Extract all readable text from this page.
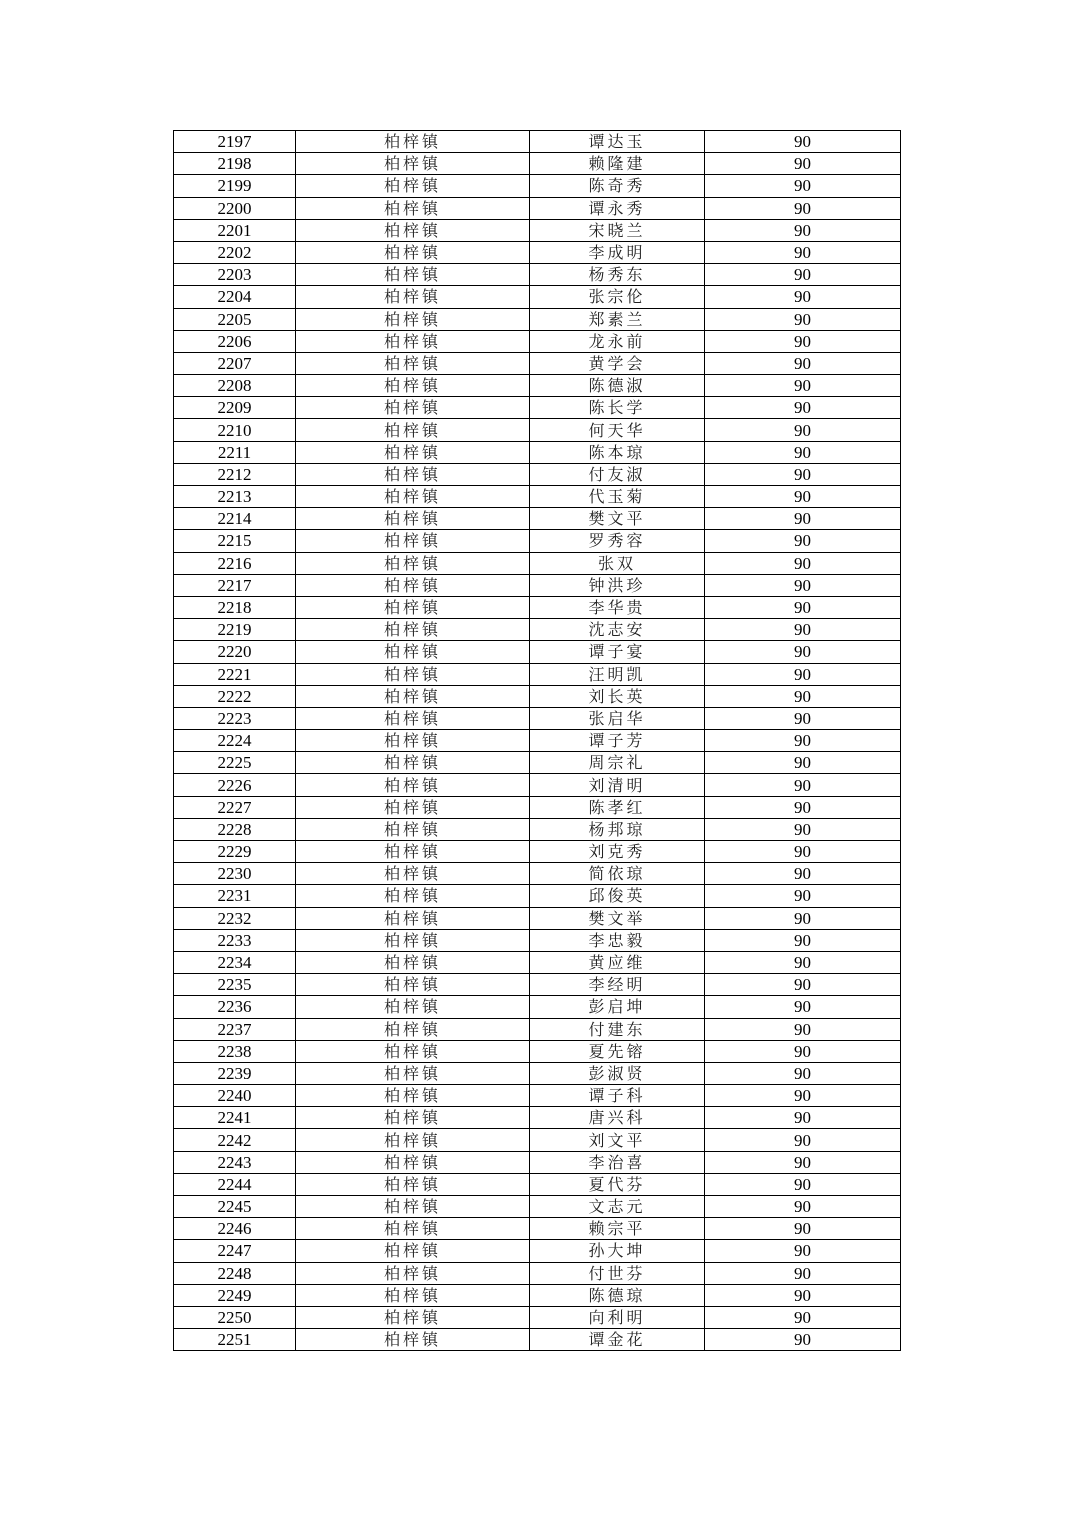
2197	柏梓镇	谭达玉	90
2198	柏梓镇	赖隆建	90
2199	柏梓镇	陈奇秀	90
2200	柏梓镇	谭永秀	90
2201	柏梓镇	宋晓兰	90
2202	柏梓镇	李成明	90
2203	柏梓镇	杨秀东	90
2204	柏梓镇	张宗伦	90
2205	柏梓镇	郑素兰	90
2206	柏梓镇	龙永前	90
2207	柏梓镇	黄学会	90
2208	柏梓镇	陈德淑	90
2209	柏梓镇	陈长学	90
2210	柏梓镇	何天华	90
2211	柏梓镇	陈本琼	90
2212	柏梓镇	付友淑	90
2213	柏梓镇	代玉菊	90
2214	柏梓镇	樊文平	90
2215	柏梓镇	罗秀容	90
2216	柏梓镇	张双	90
2217	柏梓镇	钟洪珍	90
2218	柏梓镇	李华贵	90
2219	柏梓镇	沈志安	90
2220	柏梓镇	谭子宴	90
2221	柏梓镇	汪明凯	90
2222	柏梓镇	刘长英	90
2223	柏梓镇	张启华	90
2224	柏梓镇	谭子芳	90
2225	柏梓镇	周宗礼	90
2226	柏梓镇	刘清明	90
2227	柏梓镇	陈孝红	90
2228	柏梓镇	杨邦琼	90
2229	柏梓镇	刘克秀	90
2230	柏梓镇	简依琼	90
2231	柏梓镇	邱俊英	90
2232	柏梓镇	樊文举	90
2233	柏梓镇	李忠毅	90
2234	柏梓镇	黄应维	90
2235	柏梓镇	李经明	90
2236	柏梓镇	彭启坤	90
2237	柏梓镇	付建东	90
2238	柏梓镇	夏先镕	90
2239	柏梓镇	彭淑贤	90
2240	柏梓镇	谭子科	90
2241	柏梓镇	唐兴科	90
2242	柏梓镇	刘文平	90
2243	柏梓镇	李治喜	90
2244	柏梓镇	夏代芬	90
2245	柏梓镇	文志元	90
2246	柏梓镇	赖宗平	90
2247	柏梓镇	孙大坤	90
2248	柏梓镇	付世芬	90
2249	柏梓镇	陈德琼	90
2250	柏梓镇	向利明	90
2251	柏梓镇	谭金花	90
